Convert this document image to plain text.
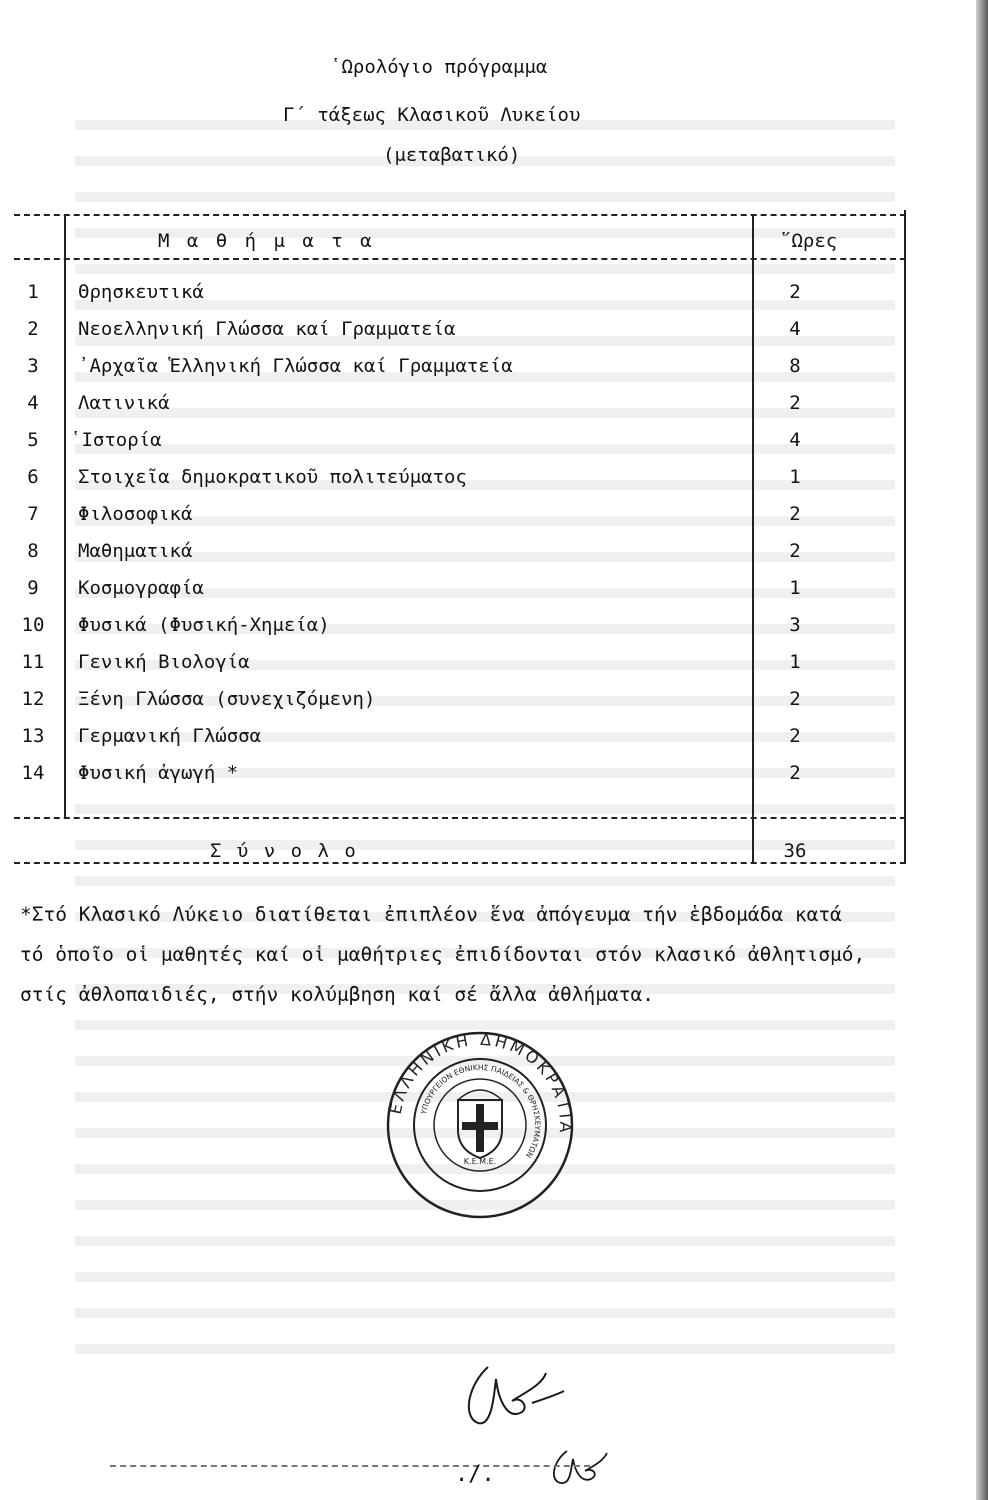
῾Ωρολόγιο πρόγραμμα
Γ΄ τάξεως Κλασικοῦ Λυκείου
(μεταβατικό)
Μ α θ ή μ α τ α	῞Ωρες
1	Θρησκευτικά	2
2	Νεοελληνική Γλώσσα καί Γραμματεία	4
3	᾽Αρχαῖα Ἑλληνική Γλώσσα καί Γραμματεία	8
4	Λατινικά	2
5	῾Ιστορία	4
6	Στοιχεῖα δημοκρατικοῦ πολιτεύματος	1
7	Φιλοσοφικά	2
8	Μαθηματικά	2
9	Κοσμογραφία	1
10	Φυσικά (Φυσική-Χημεία)	3
11	Γενική Βιολογία	1
12	Ξένη Γλώσσα (συνεχιζόμενη)	2
13	Γερμανική Γλώσσα	2
14	Φυσική ἀγωγή *	2
Σ ύ ν ο λ ο	36

*Στό Κλασικό Λύκειο διατίθεται ἐπιπλέον ἕνα ἀπόγευμα τήν ἑβδομάδα κατά

τό ὁποῖο οἱ μαθητές καί οἱ μαθήτριες ἐπιδίδονται στόν κλασικό ἀθλητισμό,

στίς ἀθλοπαιδιές, στήν κολύμβηση καί σέ ἄλλα ἀθλήματα.

ΕΛΛΗΝΙΚΗ ΔΗΜΟΚΡΑΤΙΑ
ΥΠΟΥΡΓΕΙΟΝ ΕΘΝΙΚΗΣ ΠΑΙΔΕΙΑΣ & ΘΡΗΣΚΕΥΜΑΤΩΝ
Κ.Ε.Μ.Ε.
./.
